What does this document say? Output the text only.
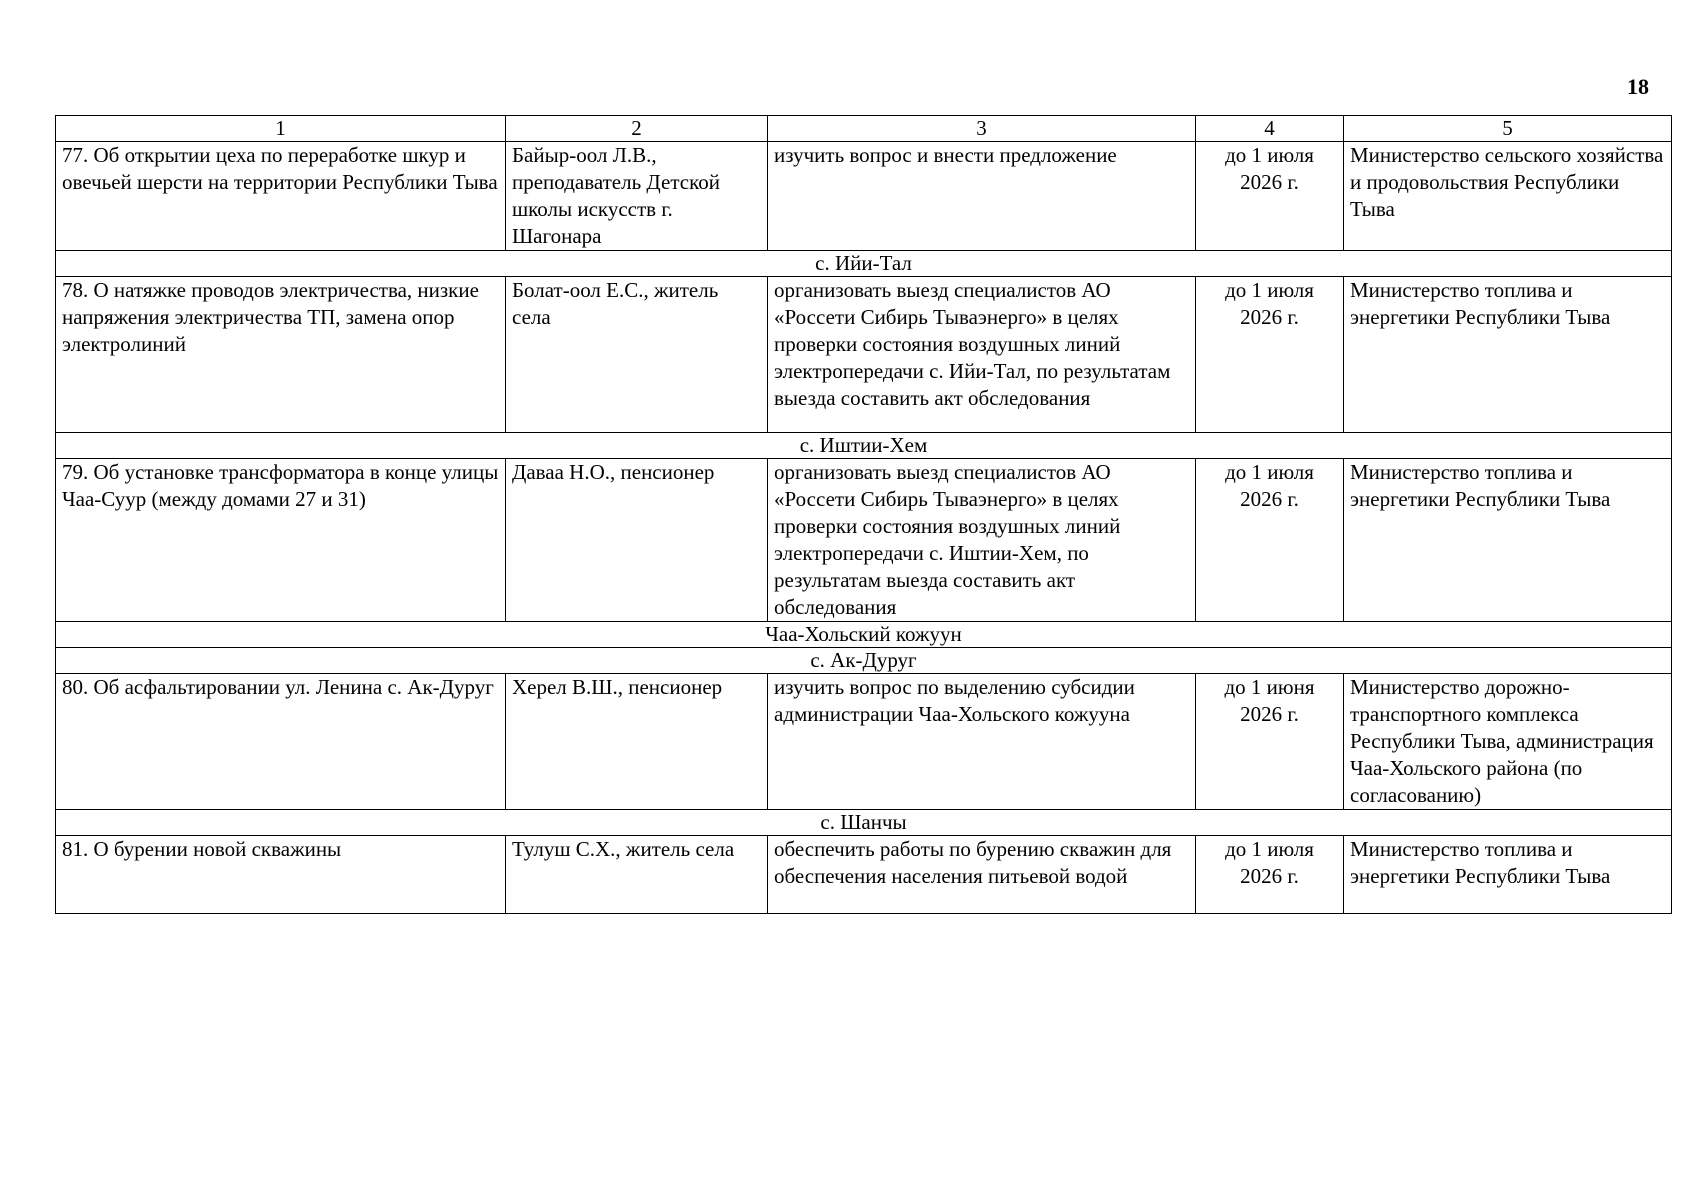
18
1	2	3	4	5
77. Об открытии цеха по переработке шкур и овечьей шерсти на территории Республики Тыва	Байыр-оол Л.В., преподаватель Детской школы искусств г. Шагонара	изучить вопрос и внести предложение	до 1 июля 2026 г.	Министерство сельского хозяйства и продовольствия Республики Тыва
с. Ийи-Тал				
78. О натяжке проводов электричества, низкие напряжения электричества ТП, замена опор электролиний	Болат-оол Е.С., житель села	организовать выезд специалистов АО «Россети Сибирь Тываэнерго» в целях проверки состояния воздушных линий электропередачи с. Ийи-Тал, по результатам выезда составить акт обследования	до 1 июля 2026 г.	Министерство топлива и энергетики Республики Тыва
с. Иштии-Хем				
79. Об установке трансформатора в конце улицы Чаа-Суур (между домами 27 и 31)	Даваа Н.О., пенсионер	организовать выезд специалистов АО «Россети Сибирь Тываэнерго» в целях проверки состояния воздушных линий электропередачи с. Иштии-Хем, по результатам выезда составить акт обследования	до 1 июля 2026 г.	Министерство топлива и энергетики Республики Тыва
Чаа-Хольский кожуун				
с. Ак-Дуруг				
80. Об асфальтировании ул. Ленина с. Ак-Дуруг	Херел В.Ш., пенсионер	изучить вопрос по выделению субсидии администрации Чаа-Хольского кожууна	до 1 июня 2026 г.	Министерство дорожно-транспортного комплекса Республики Тыва, администрация Чаа-Хольского района (по согласованию)
с. Шанчы				
81. О бурении новой скважины	Тулуш С.Х., житель села	обеспечить работы по бурению скважин для обеспечения населения питьевой водой	до 1 июля 2026 г.	Министерство топлива и энергетики Республики Тыва
